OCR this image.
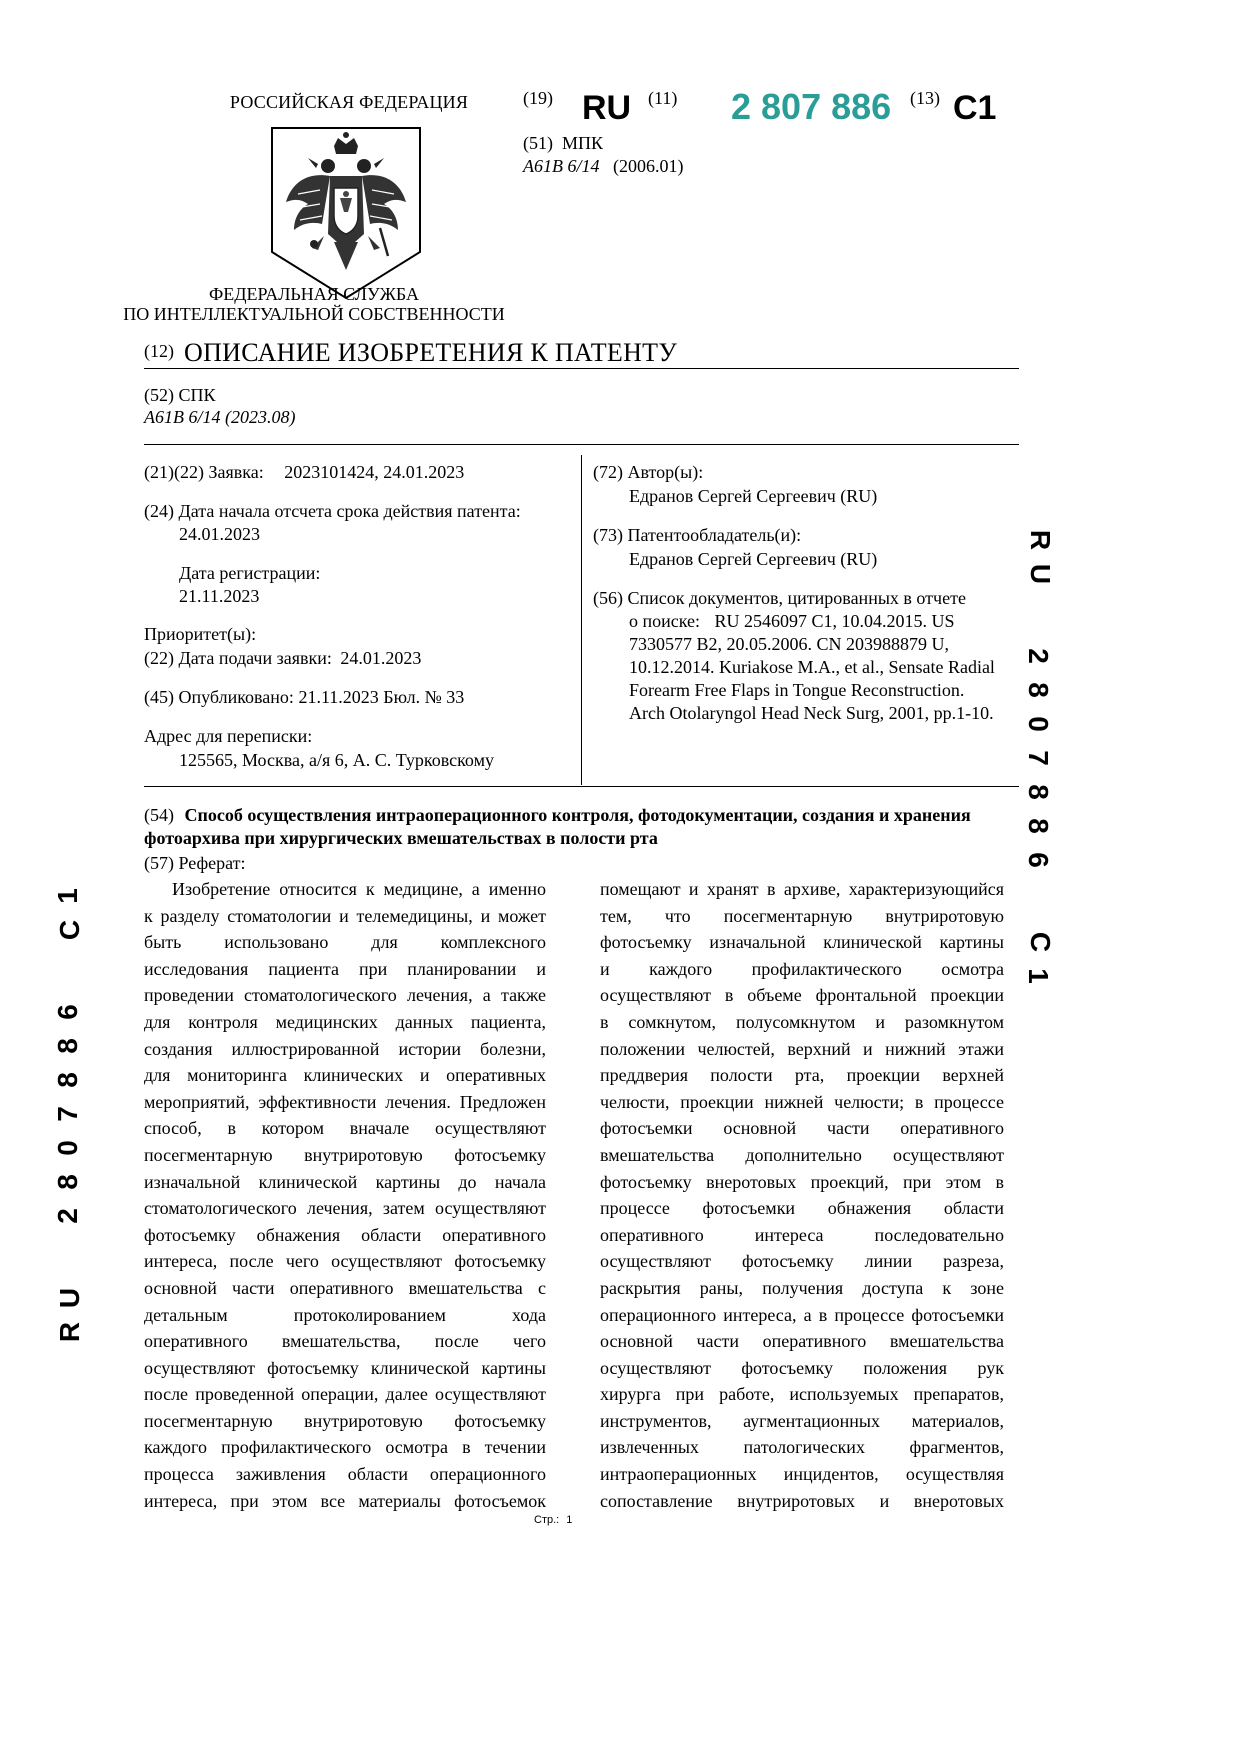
РОССИЙСКАЯ ФЕДЕРАЦИЯ
ФЕДЕРАЛЬНАЯ СЛУЖБА
ПО ИНТЕЛЛЕКТУАЛЬНОЙ СОБСТВЕННОСТИ
(19) RU (11) 2 807 886 (13) C1
(51) МПК
A61B 6/14 (2006.01)
(12) ОПИСАНИЕ ИЗОБРЕТЕНИЯ К ПАТЕНТУ
(52) СПК
A61B 6/14 (2023.08)
(21)(22) Заявка: 2023101424, 24.01.2023
(24) Дата начала отсчета срока действия патента:
24.01.2023
Дата регистрации:
21.11.2023
Приоритет(ы):
(22) Дата подачи заявки: 24.01.2023
(45) Опубликовано: 21.11.2023 Бюл. № 33
Адрес для переписки:
125565, Москва, а/я 6, А. С. Турковскому
(72) Автор(ы):
Едранов Сергей Сергеевич (RU)
(73) Патентообладатель(и):
Едранов Сергей Сергеевич (RU)
(56) Список документов, цитированных в отчете
о поиске: RU 2546097 C1, 10.04.2015. US
7330577 B2, 20.05.2006. CN 203988879 U,
10.12.2014. Kuriakose M.A., et al., Sensate Radial
Forearm Free Flaps in Tongue Reconstruction.
Arch Otolaryngol Head Neck Surg, 2001, pp.1-10.
(54) Способ осуществления интраоперационного контроля, фотодокументации, создания и хранения
фотоархива при хирургических вмешательствах в полости рта
(57) Реферат:

Изобретение относится к медицине, а именно

к разделу стоматологии и телемедицины, и может

быть использовано для комплексного

исследования пациента при планировании и

проведении стоматологического лечения, а также

для контроля медицинских данных пациента,

создания иллюстрированной истории болезни,

для мониторинга клинических и оперативных

мероприятий, эффективности лечения. Предложен

способ, в котором вначале осуществляют

посегментарную внутриротовую фотосъемку

изначальной клинической картины до начала

стоматологического лечения, затем осуществляют

фотосъемку обнажения области оперативного

интереса, после чего осуществляют фотосъемку

основной части оперативного вмешательства с

детальным протоколированием хода

оперативного вмешательства, после чего

осуществляют фотосъемку клинической картины

после проведенной операции, далее осуществляют

посегментарную внутриротовую фотосъемку

каждого профилактического осмотра в течении

процесса заживления области операционного

интереса, при этом все материалы фотосъемок

помещают и хранят в архиве, характеризующийся

тем, что посегментарную внутриротовую

фотосъемку изначальной клинической картины

и каждого профилактического осмотра

осуществляют в объеме фронтальной проекции

в сомкнутом, полусомкнутом и разомкнутом

положении челюстей, верхний и нижний этажи

преддверия полости рта, проекции верхней

челюсти, проекции нижней челюсти; в процессе

фотосъемки основной части оперативного

вмешательства дополнительно осуществляют

фотосъемку внеротовых проекций, при этом в

процессе фотосъемки обнажения области

оперативного интереса последовательно

осуществляют фотосъемку линии разреза,

раскрытия раны, получения доступа к зоне

операционного интереса, а в процессе фотосъемки

основной части оперативного вмешательства

осуществляют фотосъемку положения рук

хирурга при работе, используемых препаратов,

инструментов, аугментационных материалов,

извлеченных патологических фрагментов,

интраоперационных инцидентов, осуществляя

сопоставление внутриротовых и внеротовых

R
U
2
8
0
7
8
8
6
C
1
1
C
6
8
8
7
0
8
2
U
R
Стр.: 1
